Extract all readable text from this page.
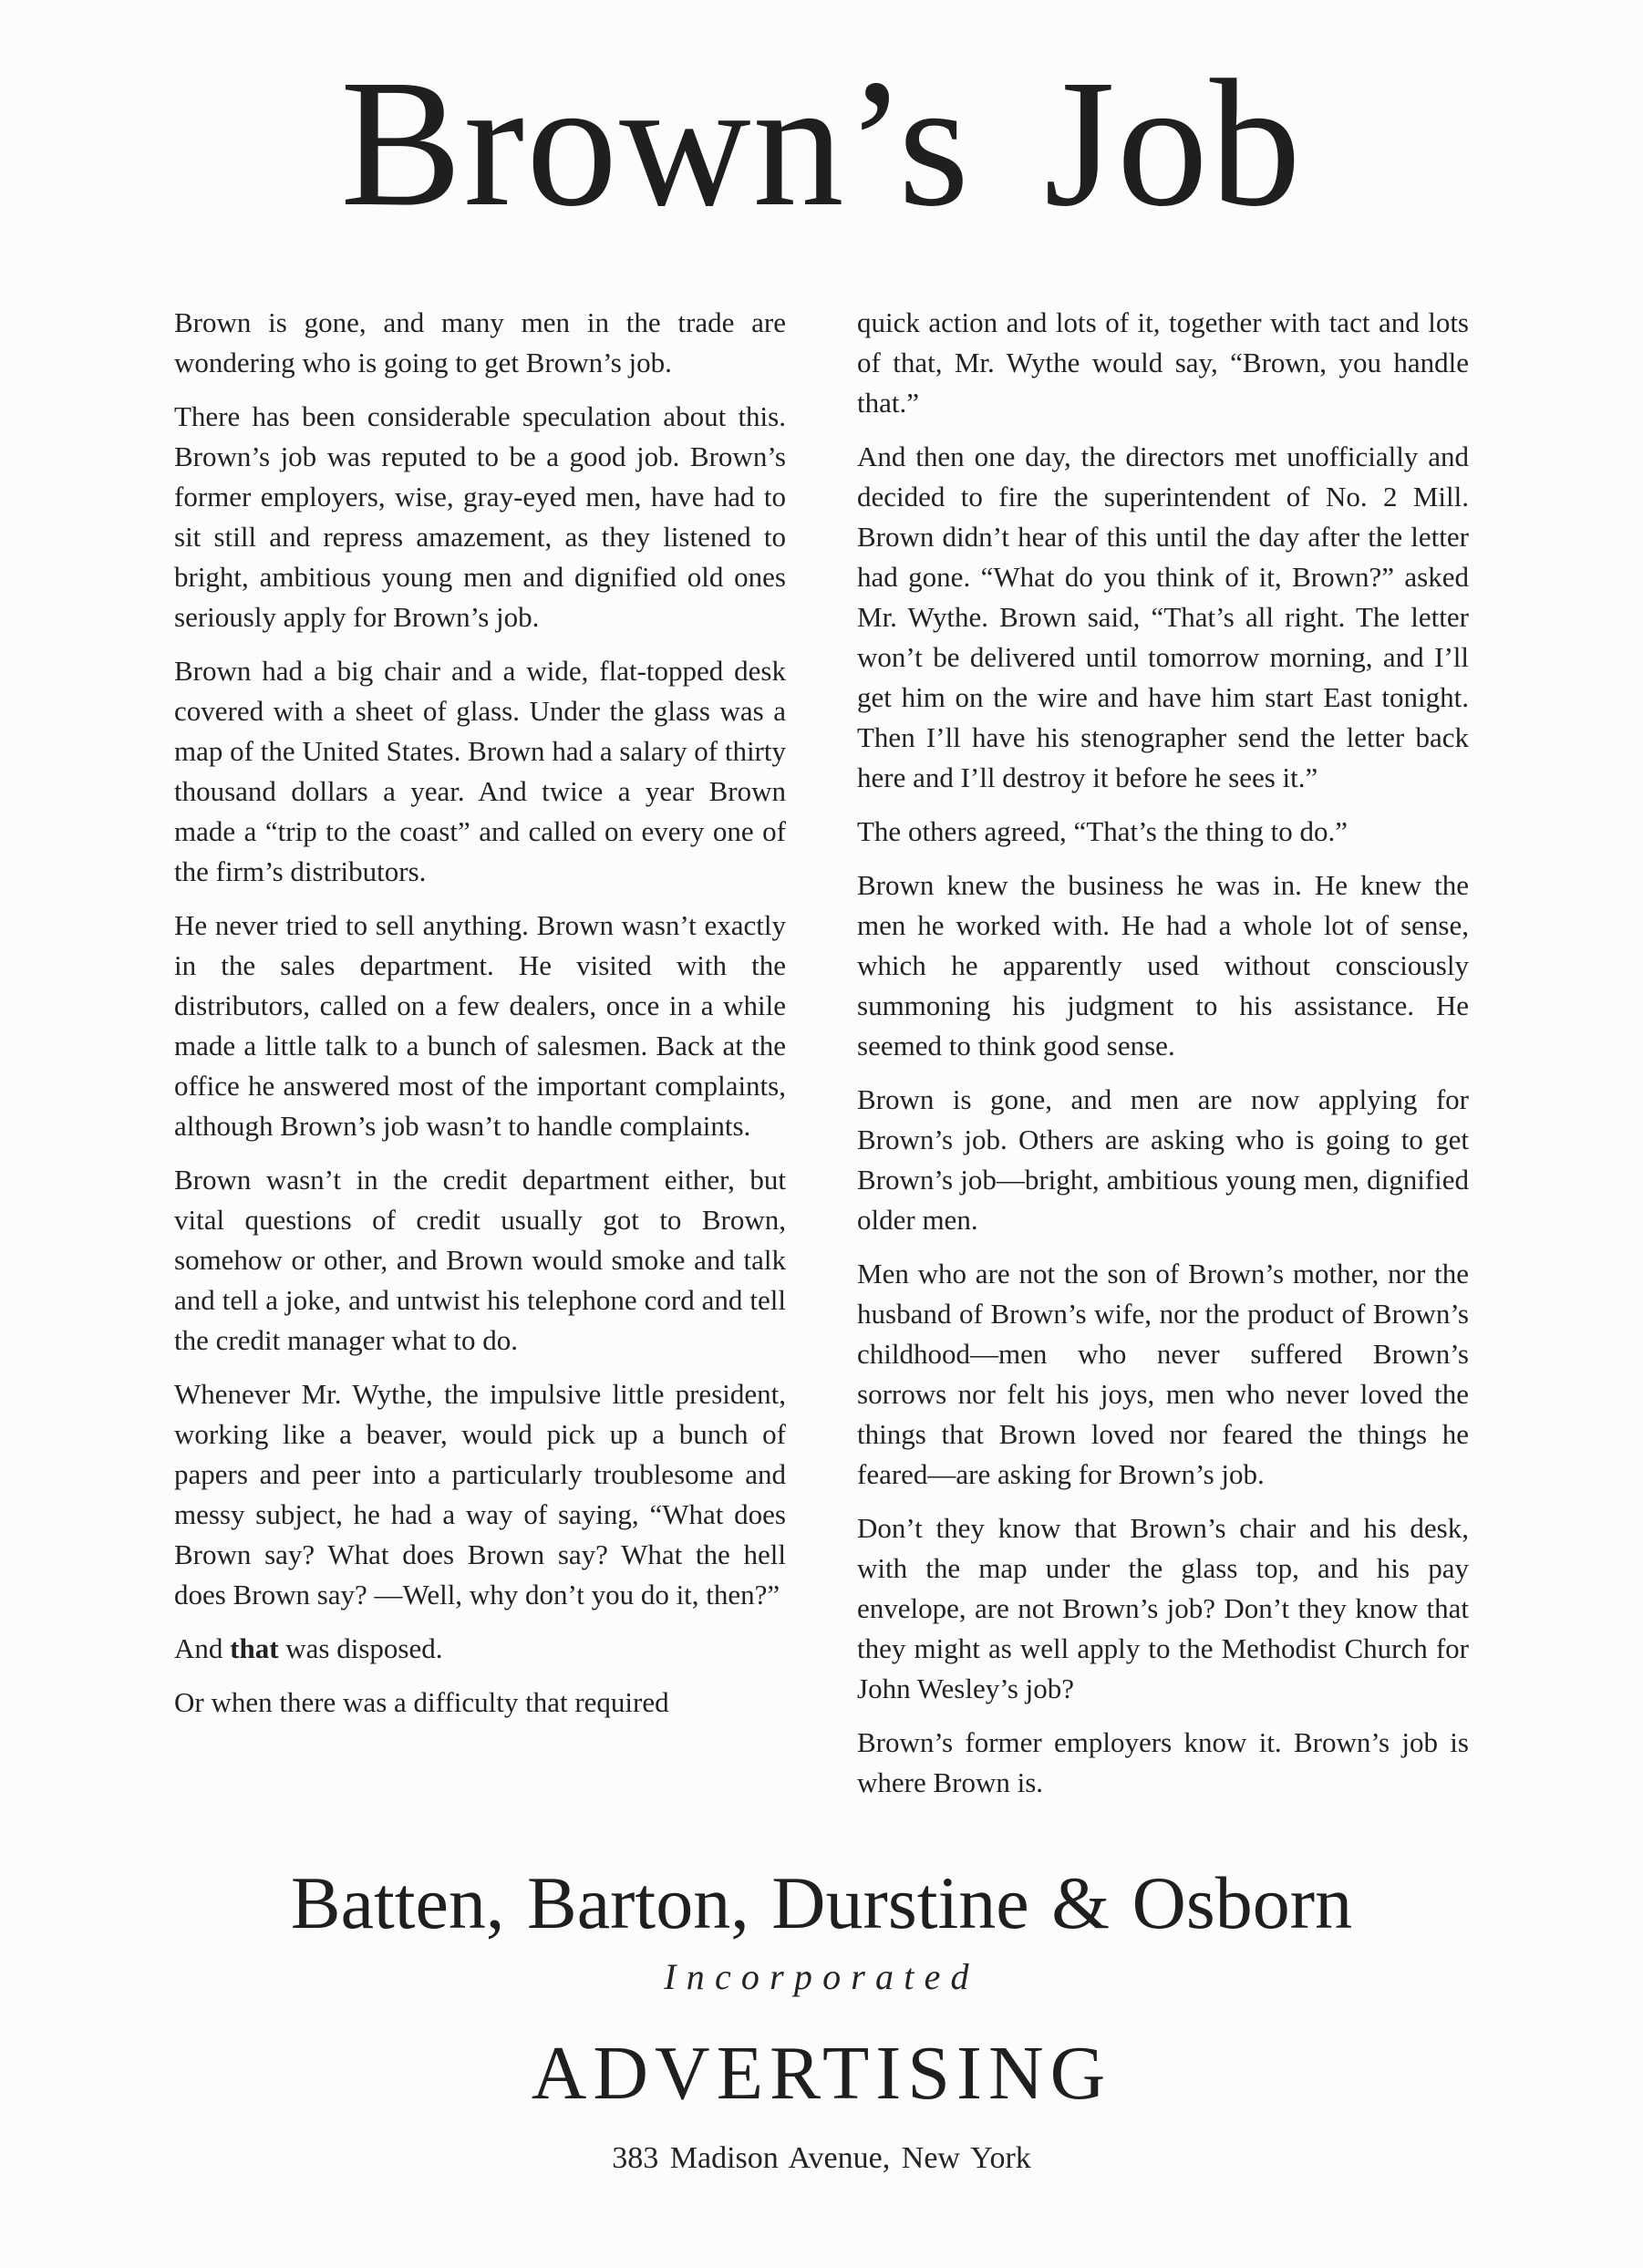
Brown’s Job

Brown is gone, and many men in the trade are wondering who is going to get Brown’s job.

There has been considerable speculation about this. Brown’s job was reputed to be a good job. Brown’s former employers, wise, gray-eyed men, have had to sit still and repress amazement, as they listened to bright, ambitious young men and dignified old ones seriously apply for Brown’s job.

Brown had a big chair and a wide, flat-topped desk covered with a sheet of glass. Under the glass was a map of the United States. Brown had a salary of thirty thousand dollars a year. And twice a year Brown made a “trip to the coast” and called on every one of the firm’s distributors.

He never tried to sell anything. Brown wasn’t exactly in the sales department. He visited with the distributors, called on a few dealers, once in a while made a little talk to a bunch of salesmen. Back at the office he answered most of the important complaints, although Brown’s job wasn’t to handle complaints.

Brown wasn’t in the credit department either, but vital questions of credit usually got to Brown, somehow or other, and Brown would smoke and talk and tell a joke, and untwist his telephone cord and tell the credit manager what to do.

Whenever Mr. Wythe, the impulsive little president, working like a beaver, would pick up a bunch of papers and peer into a particularly troublesome and messy subject, he had a way of saying, “What does Brown say? What does Brown say? What the hell does Brown say? —Well, why don’t you do it, then?”

And that was disposed.

Or when there was a difficulty that required

quick action and lots of it, together with tact and lots of that, Mr. Wythe would say, “Brown, you handle that.”

And then one day, the directors met unofficially and decided to fire the superintendent of No. 2 Mill. Brown didn’t hear of this until the day after the letter had gone. “What do you think of it, Brown?” asked Mr. Wythe. Brown said, “That’s all right. The letter won’t be delivered until tomorrow morning, and I’ll get him on the wire and have him start East tonight. Then I’ll have his stenographer send the letter back here and I’ll destroy it before he sees it.”

The others agreed, “That’s the thing to do.”

Brown knew the business he was in. He knew the men he worked with. He had a whole lot of sense, which he apparently used without consciously summoning his judgment to his assistance. He seemed to think good sense.

Brown is gone, and men are now applying for Brown’s job. Others are asking who is going to get Brown’s job—bright, ambitious young men, dignified older men.

Men who are not the son of Brown’s mother, nor the husband of Brown’s wife, nor the product of Brown’s childhood—men who never suffered Brown’s sorrows nor felt his joys, men who never loved the things that Brown loved nor feared the things he feared—are asking for Brown’s job.

Don’t they know that Brown’s chair and his desk, with the map under the glass top, and his pay envelope, are not Brown’s job? Don’t they know that they might as well apply to the Methodist Church for John Wesley’s job?

Brown’s former employers know it. Brown’s job is where Brown is.

Batten, Barton, Durstine & Osborn
Incorporated
ADVERTISING
383 Madison Avenue, New York
